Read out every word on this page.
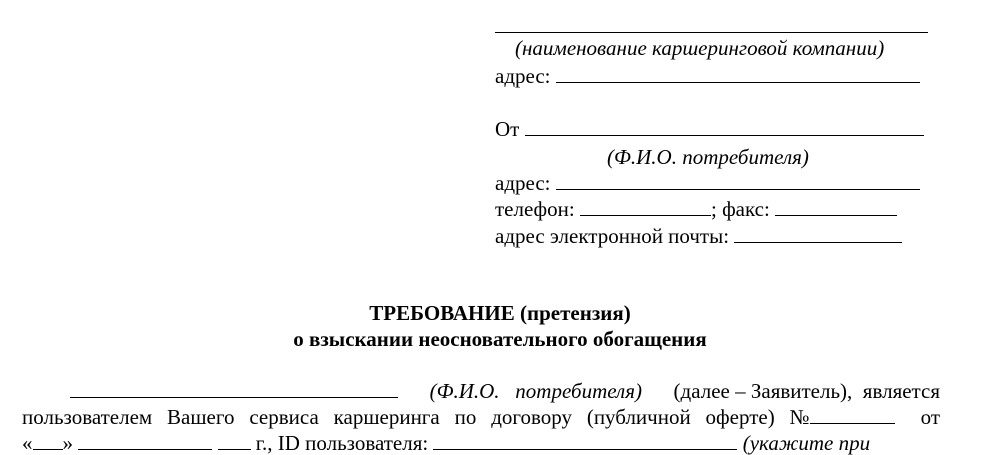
(наименование каршеринговой компании)
адрес:
От
(Ф.И.О. потребителя)
адрес:
телефон:	; факс:
адрес электронной почты:
ТРЕБОВАНИЕ (претензия)
о взыскании неосновательного обогащения
(Ф.И.О.   потребителя) (далее – Заявитель),  является
пользователем Вашего сервиса каршеринга по договору (публичной оферте) №	от
« »	г., ID пользователя:	(укажите при
